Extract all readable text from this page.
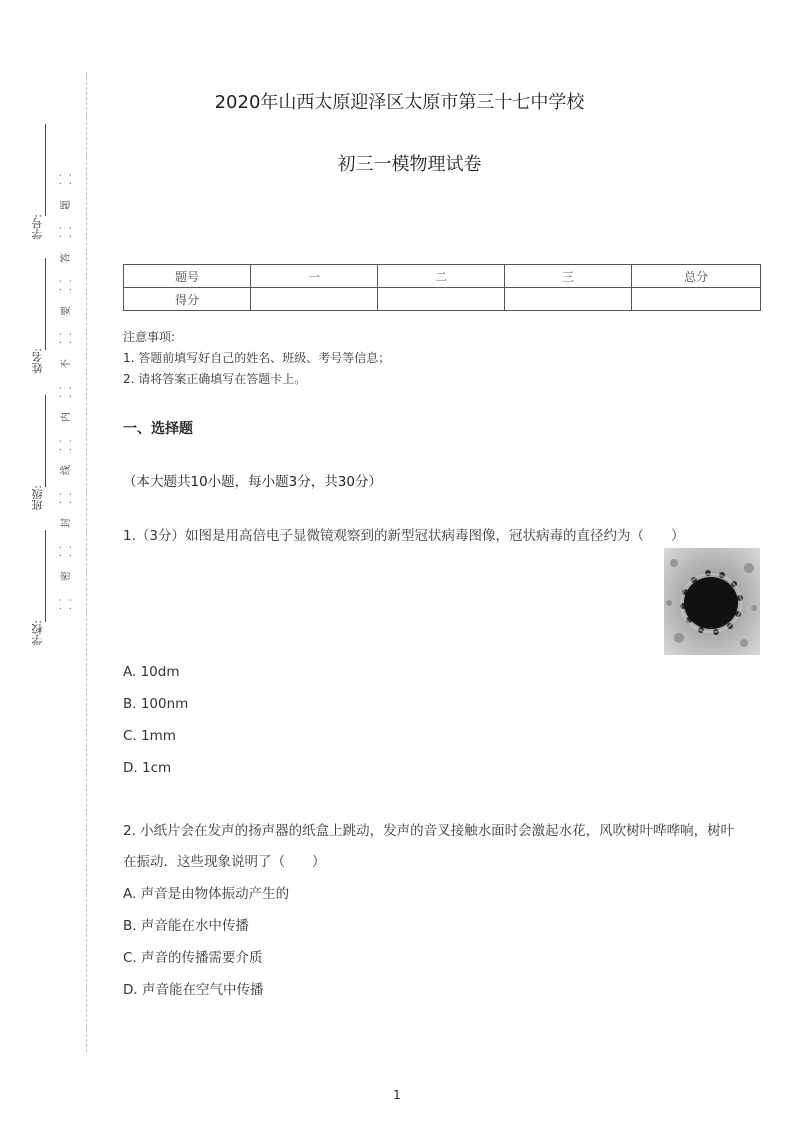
学号:
姓名:
班级:
学校:
· · · ·
题
· · · ·
答
· · · ·
要
· · · ·
不
· · · ·
内
· · · ·
线
· · · ·
封
· · · ·
密
· · · ·
2020年山西太原迎泽区太原市第三十七中学校
初三一模物理试卷
题号	一	二	三	总分
得分				
注意事项:
1. 答题前填写好自己的姓名、班级、考号等信息；
2. 请将答案正确填写在答题卡上。
一、选择题
（本大题共10小题，每小题3分，共30分）
1.（3分）如图是用高倍电子显微镜观察到的新型冠状病毒图像，冠状病毒的直径约为（　　）
A. 10dm
B. 100nm
C. 1mm
D. 1cm
2. 小纸片会在发声的扬声器的纸盒上跳动，发声的音叉接触水面时会激起水花，风吹树叶哗哗响，树叶
在振动．这些现象说明了（　　）
A. 声音是由物体振动产生的
B. 声音能在水中传播
C. 声音的传播需要介质
D. 声音能在空气中传播
1
